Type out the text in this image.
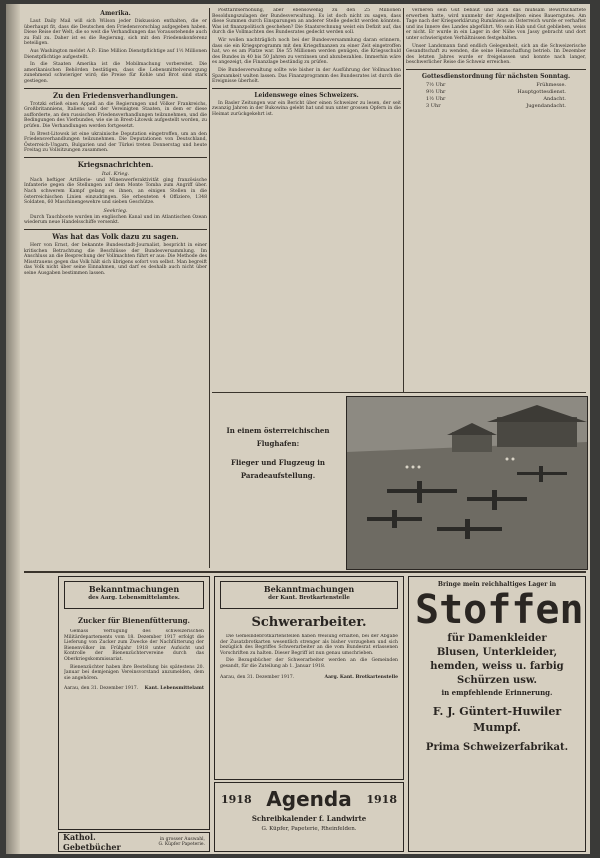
Amerika.

Laut Daily Mail will sich Wilson jeder Diskussion enthalten, die er überhaupt fit, dass die Deutschen den Friedensvorschlag aufgegeben haben. Diese Reise der Welt, die so weit die Verhandlungen das Vorausstehende auch zu Fall zu. Daher ist es die Regierung, sich mit den Friedenskonferenz beteiligen.

Aus Washington meldet A.P.: Eine Million Dienstpflichtige auf 1½ Millionen Dienstpflichtige aufgestellt.

In die Staaten Amerika ist die Mobilmachung vorbereitet. Die amerikanischen Behörden bestätigen, dass die Lebensmittelversorgung zunehmend schwieriger wird; die Preise für Kohle und Brot sind stark gestiegen.

Zu den Friedensverhandlungen.

Trotzki erließ einen Appell an die Regierungen und Völker Frankreichs, Großbritanniens, Italiens und der Vereinigten Staaten, in dem er diese aufforderte, an den russischen Friedensverhandlungen teilzunehmen, und die Bedingungen des Vierbundes, wie sie in Brest-Litowsk aufgestellt worden, zu prüfen. Die Verhandlungen werden fortgesetzt.

In Brest-Litowsk ist eine ukrainische Deputation eingetroffen, um an den Friedensverhandlungen teilzunehmen. Die Deputationen von Deutschland, Österreich-Ungarn, Bulgarien und der Türkei treten Donnerstag und heute Freitag zu Vollsitzungen zusammen.

Kriegsnachrichten.
Ital. Krieg.

Nach heftiger Artillerie- und Minenwerferaktivität ging französische Infanterie gegen die Stellungen auf dem Monte Tomba zum Angriff über. Nach schwerem Kampf gelang es ihnen, an einigen Stellen in die österreichischen Linien einzudringen. Sie erbeuteten 4 Offiziere, 1348 Soldaten, 60 Maschinengewehre und sieben Geschütze.

Seekrieg.

Durch Tauchboote wurden im englischen Kanal und im Atlantischen Ozean wiederum neue Handelsschiffe versenkt.

Was hat das Volk dazu zu sagen.

Herr von Ernst, der bekannte Bundesstadt-Journalist, bespricht in einer kritischen Betrachtung die Beschlüsse der Bundesversammlung. Im Anschluss an die Besprechung der Vollmachten führt er aus: Die Methode des Misstrauens gegen das Volk hält sich übrigens sofort von selbst. Man begreift das Volk nicht über seine Einnahmen, und darf es deshalb auch nicht über seine Ausgaben bestimmen lassen.

Posttarifserhöhung, aber ebensowenig zu den 25 Millionen Besoldungszulagen der Bundesverwaltung. Es ist doch nicht zu sagen, dass diese Summen durch Einsparungen an anderer Stelle gedeckt werden könnten. Was ist finanzpolitisch geschehen? Die Staatsrechnung weist ein Defizit auf, das durch die Vollmachten des Bundesrates gedeckt werden soll.

Wir wollen nachträglich noch bei der Bundesversammlung daran erinnern, dass sie ein Kriegsprogramm mit den Kriegsfinanzen zu einer Zeit eingetroffen hat, wo es am Platze war. Die 55 Millionen werden genügen, die Kriegsschuld des Bundes in 40 bis 50 Jahren zu verzinsen und abzubezahlen. Immerhin wäre es angezeigt, die Finanzlage beständig zu prüfen.

Die Bundesverwaltung sollte wie bisher in der Ausführung der Vollmachten Sparsamkeit walten lassen. Das Finanzprogramm des Bundesrates ist durch die Ereignisse überholt.

Leidenswege eines Schweizers.

In Basler Zeitungen war ein Bericht über einen Schweizer zu lesen, der seit zwanzig Jahren in der Bukowina gelebt hat und nun unter grossen Opfern in die Heimat zurückgekehrt ist.

verlieren sein Gut bebaut und auch das mühsam Bewirtschaftete erwerben hatte, wird nunmehr der Angestellten eines Bauerngutes. Am Tage nach der Kriegserklärung Rumäniens an Österreich wurde er verhaftet und ins Innere des Landes abgeführt. Wo sein Hab und Gut geblieben, weiss er nicht. Er wurde in ein Lager in der Nähe von Jassy gebracht und dort unter schwierigsten Verhältnissen festgehalten.

Unser Landsmann fand endlich Gelegenheit, sich an die Schweizerische Gesandtschaft zu wenden, die seine Heimschaffung betrieb. Im Dezember des letzten Jahres wurde er freigelassen und konnte nach langer, beschwerlicher Reise die Schweiz erreichen.

Gottesdienstordnung für nächsten Sonntag.
7½ Uhr	Frühmesse.
9½ Uhr	Hauptgottesdienst.
1½ Uhr	Andacht.
3 Uhr	Jugendandacht.
In einem österreichischen Flughafen:
Flieger und Flugzeug in Paradeaufstellung.
Bekanntmachungen
des Aarg. Lebensmittelamtes.
Zucker für Bienenfütterung.

Gemäss Verfügung des schweizerischen Militärdepartements vom 18. Dezember 1917 erfolgt die Lieferung von Zucker zum Zwecke der Nachfütterung der Bienenvölker im Frühjahr 1918 unter Aufsicht und Kontrolle der Bienenzüchtervereine durch das Oberkriegskommissariat.

Bienenzüchter haben ihre Bestellung bis spätestens 20. Januar bei demjenigen Vereinsvorstand anzumelden, dem sie angehören.

Aarau, den 31. Dezember 1917. Kant. Lebensmittelamt
Kathol. Gebetbücher
in grosser Auswahl, G. Küpfer Papeterie.
Bekanntmachungen
der Kant. Brotkartenstelle
Schwerarbeiter.

Die Gemeindebrotkartenstellen haben Weisung erhalten, bei der Abgabe der Zusatzbrotkarten wesentlich strenger als bisher vorzugehen und sich bezüglich des Begriffes Schwerarbeiter an die vom Bundesrat erlassenen Vorschriften zu halten. Dieser Begriff ist nun genau umschrieben.

Die Bezugsbücher der Schwerarbeiter werden an die Gemeinden gesandt, für die Zuteilung ab 1. Januar 1918.

Aarau, den 31. Dezember 1917.	Aarg. Kant. Brotkartenstelle
1918 Agenda 1918
Schreibkalender f. Landwirte
G. Küpfer, Papeterie, Rheinfelden.
Bringe mein reichhaltiges Lager in
Stoffen
für Damenkleider
Blusen, Unterkleider,
hemden, weiss u. farbig
Schürzen usw.
in empfehlende Erinnerung.
F. J. Güntert-Huwiler
Mumpf.
Prima Schweizerfabrikat.
